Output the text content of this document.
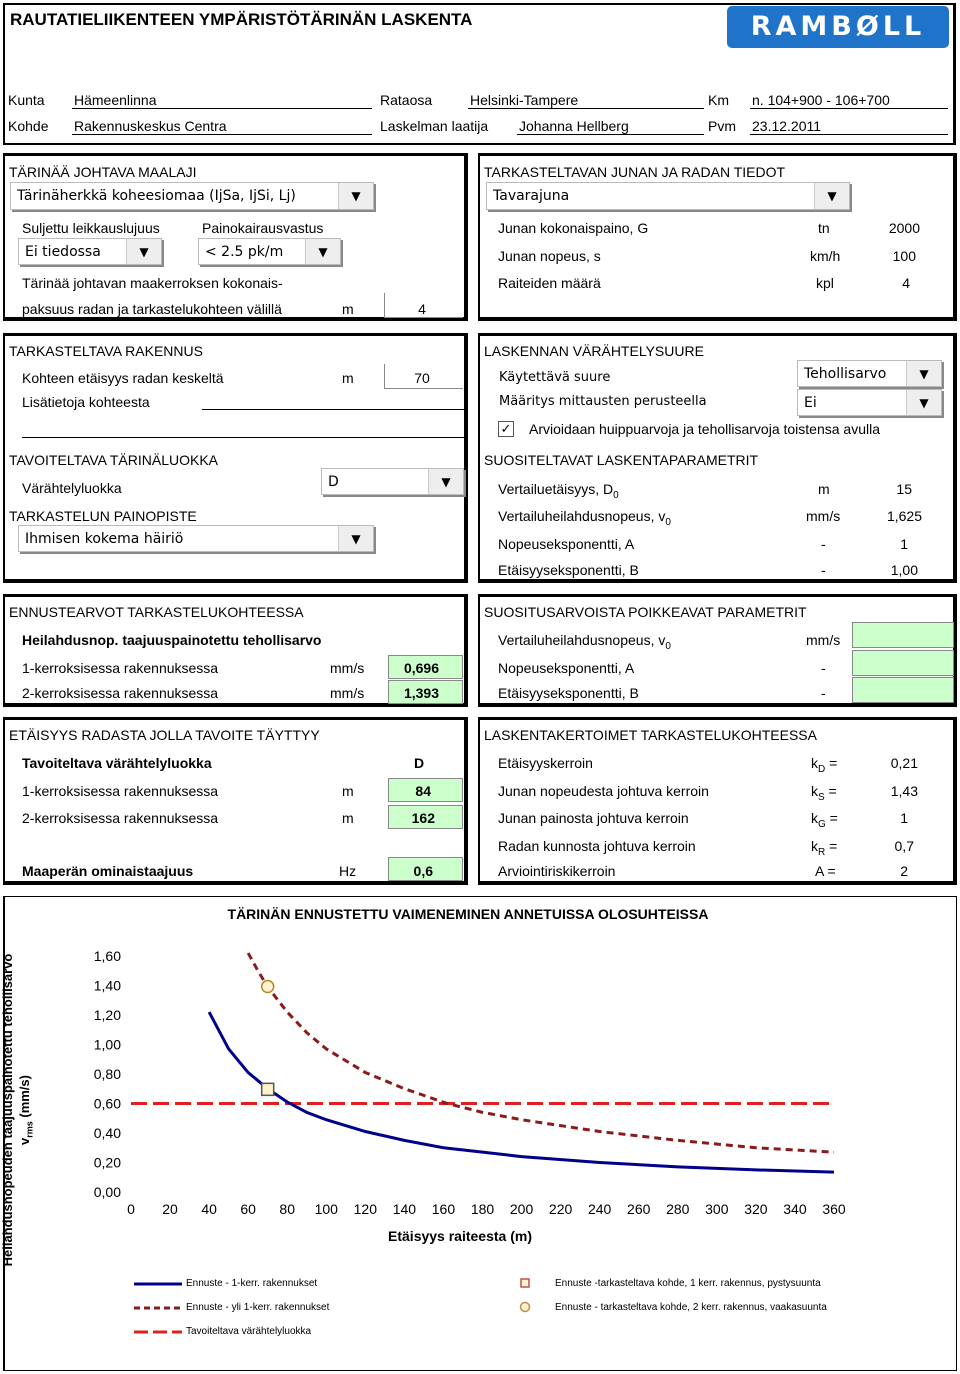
RAUTATIELIIKENTEEN YMPÄRISTÖTÄRINÄN LASKENTA	RAMBØLL
Kunta Hämeenlinna	Rataosa	Helsinki-Tampere	Km n. 104+900 - 106+700
Kohde Rakennuskeskus Centra	Laskelman laatija Johanna Hellberg	Pvm 23.12.2011
TÄRINÄÄ JOHTAVA MAALAJI
Tärinäherkkä koheesiomaa (IjSa, IjSi, Lj)	▼
Suljettu leikkauslujuus	Painokairausvastus
Ei tiedossa	▼	< 2.5 pk/m	▼
Tärinää johtavan maakerroksen kokonais-
paksuus radan ja tarkastelukohteen välillä	m	4
TARKASTELTAVAN JUNAN JA RADAN TIEDOT
Tavarajuna	▼
Junan kokonaispaino, G	tn	2000
Junan nopeus, s	km/h	100
Raiteiden määrä	kpl	4
TARKASTELTAVA RAKENNUS
Kohteen etäisyys radan keskeltä	m	70
Lisätietoja kohteesta
TAVOITELTAVA TÄRINÄLUOKKA
Värähtelyluokka	D	▼
TARKASTELUN PAINOPISTE
Ihmisen kokema häiriö	▼
LASKENNAN VÄRÄHTELYSUURE
Käytettävä suure	Tehollisarvo	▼
Määritys mittausten perusteella	Ei	▼
✓ Arvioidaan huippuarvoja ja tehollisarvoja toistensa avulla
SUOSITELTAVAT LASKENTAPARAMETRIT
Vertailuetäisyys, $D_0$	m	15
Vertailuheilahdusnopeus, $v_0$	mm/s	1,625
Nopeuseksponentti, A	-	1
Etäisyyseksponentti, B	-	1,00
ENNUSTEARVOT TARKASTELUKOHTEESSA
Heilahdusnop. taajuuspainotettu tehollisarvo
1-kerroksisessa rakennuksessa	mm/s	0,696
2-kerroksisessa rakennuksessa	mm/s	1,393
SUOSITUSARVOISTA POIKKEAVAT PARAMETRIT
Vertailuheilahdusnopeus, $v_0$	mm/s
Nopeuseksponentti, A	-
Etäisyyseksponentti, B	-
ETÄISYYS RADASTA JOLLA TAVOITE TÄYTTYY
Tavoiteltava värähtelyluokka	D
1-kerroksisessa rakennuksessa	m	84
2-kerroksisessa rakennuksessa	m	162
Maaperän ominaistaajuus	Hz	0,6
LASKENTAKERTOIMET TARKASTELUKOHTEESSA
Etäisyyskerroin	$k_D$ =	0,21
Junan nopeudesta johtuva kerroin	$k_S$ =	1,43
Junan painosta johtuva kerroin	$k_G$ =	1
Radan kunnosta johtuva kerroin	$k_R$ =	0,7
Arviointiriskikerroin	A =	2
TÄRINÄN ENNUSTETTU VAIMENEMINEN ANNETUISSA OLOSUHTEISSA
Heilahdusnopeuden taajuuspainotettu tehollisarvo $v_{rms}$ (mm/s)
0,00
0,20
0,40
0,60
0,80
1,00
1,20
1,40
1,60
0 20 40 60 80 100 120 140 160 180 200 220 240 260 280 300 320 340 360
Etäisyys raiteesta (m)
Ennuste - 1-kerr. rakennukset
Ennuste - yli 1-kerr. rakennukset
Tavoiteltava värähtelyluokka
Ennuste -tarkasteltava kohde, 1 kerr. rakennus, pystysuunta
Ennuste - tarkasteltava kohde, 2 kerr. rakennus, vaakasuunta
